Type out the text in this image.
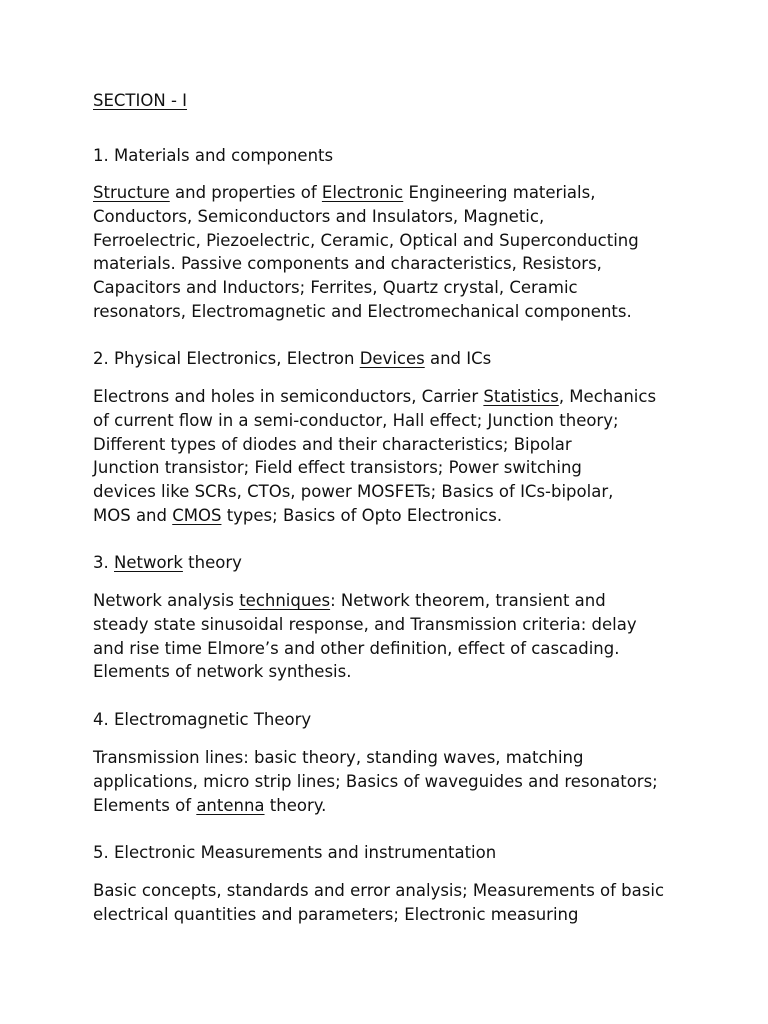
SECTION - I
1. Materials and components
Structure and properties of Electronic Engineering materials,
Conductors, Semiconductors and Insulators, Magnetic,
Ferroelectric, Piezoelectric, Ceramic, Optical and Superconducting
materials. Passive components and characteristics, Resistors,
Capacitors and Inductors; Ferrites, Quartz crystal, Ceramic
resonators, Electromagnetic and Electromechanical components.
2. Physical Electronics, Electron Devices and ICs
Electrons and holes in semiconductors, Carrier Statistics, Mechanics
of current flow in a semi-conductor, Hall effect; Junction theory;
Different types of diodes and their characteristics; Bipolar
Junction transistor; Field effect transistors; Power switching
devices like SCRs, CTOs, power MOSFETs; Basics of ICs-bipolar,
MOS and CMOS types; Basics of Opto Electronics.
3. Network theory
Network analysis techniques: Network theorem, transient and
steady state sinusoidal response, and Transmission criteria: delay
and rise time Elmore’s and other definition, effect of cascading.
Elements of network synthesis.
4. Electromagnetic Theory
Transmission lines: basic theory, standing waves, matching
applications, micro strip lines; Basics of waveguides and resonators;
Elements of antenna theory.
5. Electronic Measurements and instrumentation
Basic concepts, standards and error analysis; Measurements of basic
electrical quantities and parameters; Electronic measuring
